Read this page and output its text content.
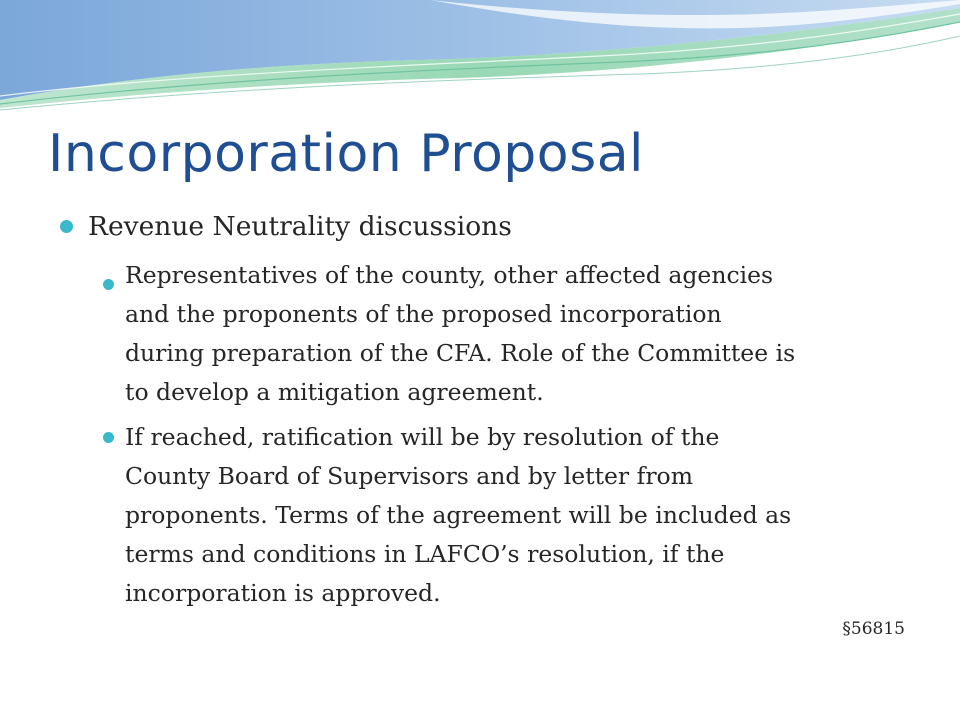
Incorporation Proposal
Revenue Neutrality discussions
Representatives of the county, other affected agencies
and the proponents of the proposed incorporation
during preparation of the CFA. Role of the Committee is
to develop a mitigation agreement.
If reached, ratification will be by resolution of the
County Board of Supervisors and by letter from
proponents. Terms of the agreement will be included as
terms and conditions in LAFCO’s resolution, if the
incorporation is approved.
§56815
